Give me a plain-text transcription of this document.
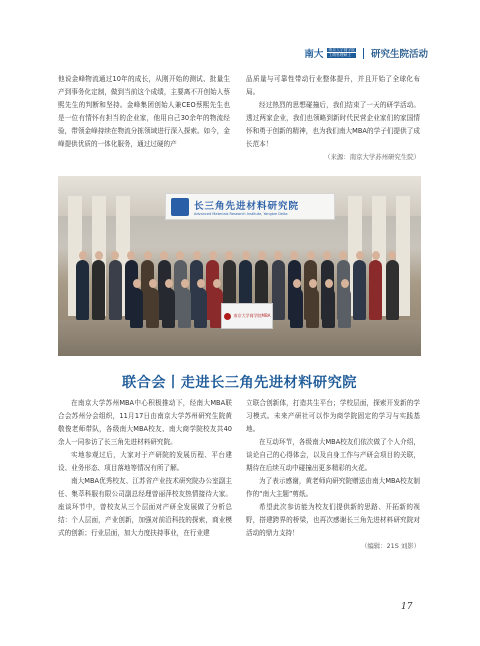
南大 南京大学商学院
工商管理硕士	研究生院活动

他说金峰物流通过10年的成长，从刚开始的测试、批量生产到事务化定制，做到当前这个成绩，主要离不开创始人蔡熙先生的判断和坚持。金峰集团创始人兼CEO蔡熙先生也是一位有情怀有担当的企业家，他用自己30余年的物流经验，带领金峰持续在物流分拣领域进行深入探索。如今，金峰提供优质的一体化服务，通过过硬的产

品质量与可靠性带动行业整体提升，并且开始了全球化布局。

经过热烈的思想碰撞后，我们结束了一天的研学活动。透过两家企业，我们也领略到新时代民营企业家们的家国情怀和勇于创新的精神，也为我们南大MBA的学子们提供了成长范本！

（来源：南京大学苏州研究生院）
长三角先进材料研究院
Advanced Materials Research Institute, Yangtze Delta
南京大学商学院MBA
联合会丨走进长三角先进材料研究院

在南京大学苏州MBA中心积极推动下，经南大MBA联合会苏州分会组织，11月17日由南京大学苏州研究生院黄敬俊老师带队，各级南大MBA校友、南大商学院校友共40余人一同参访了长三角先进材料研究院。

实地参观过后，大家对于产研院的发展历程、平台建设、业务形态、项目落地等情况有所了解。

南大MBA优秀校友、江苏省产业技术研究院办公室副主任、集萃科服有限公司副总经理曾丽萍校友热情接待大家。座谈环节中，曾校友从三个层面对产研全发展做了分析总结：个人层面，产业创新，加强对前沿科技的探索，商业模式的创新；行业层面，加大力度扶持事业，在行业建

立联合创新体，打造共生平台；学校层面，探索开发新的学习模式。未来产研社可以作为商学院固定的学习与实践基地。

在互动环节，各级南大MBA校友们依次做了个人介绍，谈论自己的心得体会，以及自身工作与产研会项目的关联，期待在后续互动中碰撞出更多精彩的火花。

为了表示感谢，黄老师向研究院赠送由南大MBA校友制作的“南大主题”剪纸。

希望此次参访能为校友们提供新的思路、开拓新的视野，搭建跨界的桥梁，也再次感谢长三角先进材料研究院对活动的鼎力支持！

（编辑：21S 刘影）
17
